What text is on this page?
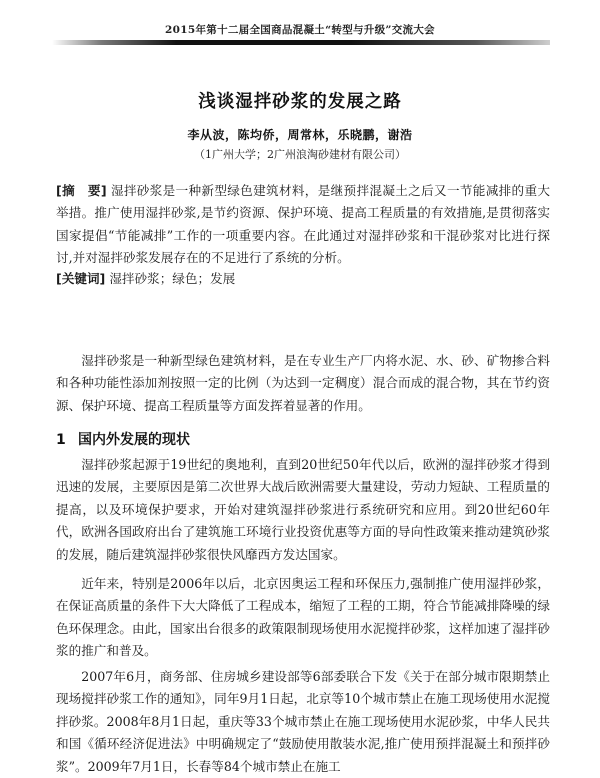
2015年第十二届全国商品混凝土“转型与升级”交流大会
浅谈湿拌砂浆的发展之路
李从波，陈均侨，周常林，乐晓鹏，谢浩
（1广州大学；2广州浪淘砂建材有限公司）
[摘　要] 湿拌砂浆是一种新型绿色建筑材料，是继预拌混凝土之后又一节能减排的重大举措。推广使用湿拌砂浆,是节约资源、保护环境、提高工程质量的有效措施,是贯彻落实国家提倡“节能减排”工作的一项重要内容。在此通过对湿拌砂浆和干混砂浆对比进行探讨,并对湿拌砂浆发展存在的不足进行了系统的分析。
[关键词] 湿拌砂浆；绿色；发展

湿拌砂浆是一种新型绿色建筑材料，是在专业生产厂内将水泥、水、砂、矿物掺合料和各种功能性添加剂按照一定的比例（为达到一定稠度）混合而成的混合物，其在节约资源、保护环境、提高工程质量等方面发挥着显著的作用。

1 国内外发展的现状

湿拌砂浆起源于19世纪的奥地利，直到20世纪50年代以后，欧洲的湿拌砂浆才得到迅速的发展，主要原因是第二次世界大战后欧洲需要大量建设，劳动力短缺、工程质量的提高，以及环境保护要求，开始对建筑湿拌砂浆进行系统研究和应用。到20世纪60年代，欧洲各国政府出台了建筑施工环境行业投资优惠等方面的导向性政策来推动建筑砂浆的发展，随后建筑湿拌砂浆很快风靡西方发达国家。

近年来，特别是2006年以后，北京因奥运工程和环保压力,强制推广使用湿拌砂浆，在保证高质量的条件下大大降低了工程成本，缩短了工程的工期，符合节能减排降噪的绿色环保理念。由此，国家出台很多的政策限制现场使用水泥搅拌砂浆，这样加速了湿拌砂浆的推广和普及。

2007年6月，商务部、住房城乡建设部等6部委联合下发《关于在部分城市限期禁止现场搅拌砂浆工作的通知》，同年9月1日起，北京等10个城市禁止在施工现场使用水泥搅拌砂浆。2008年8月1日起，重庆等33个城市禁止在施工现场使用水泥砂浆，中华人民共和国《循环经济促进法》中明确规定了“鼓励使用散装水泥,推广使用预拌混凝土和预拌砂浆”。2009年7月1日，长春等84个城市禁止在施工
